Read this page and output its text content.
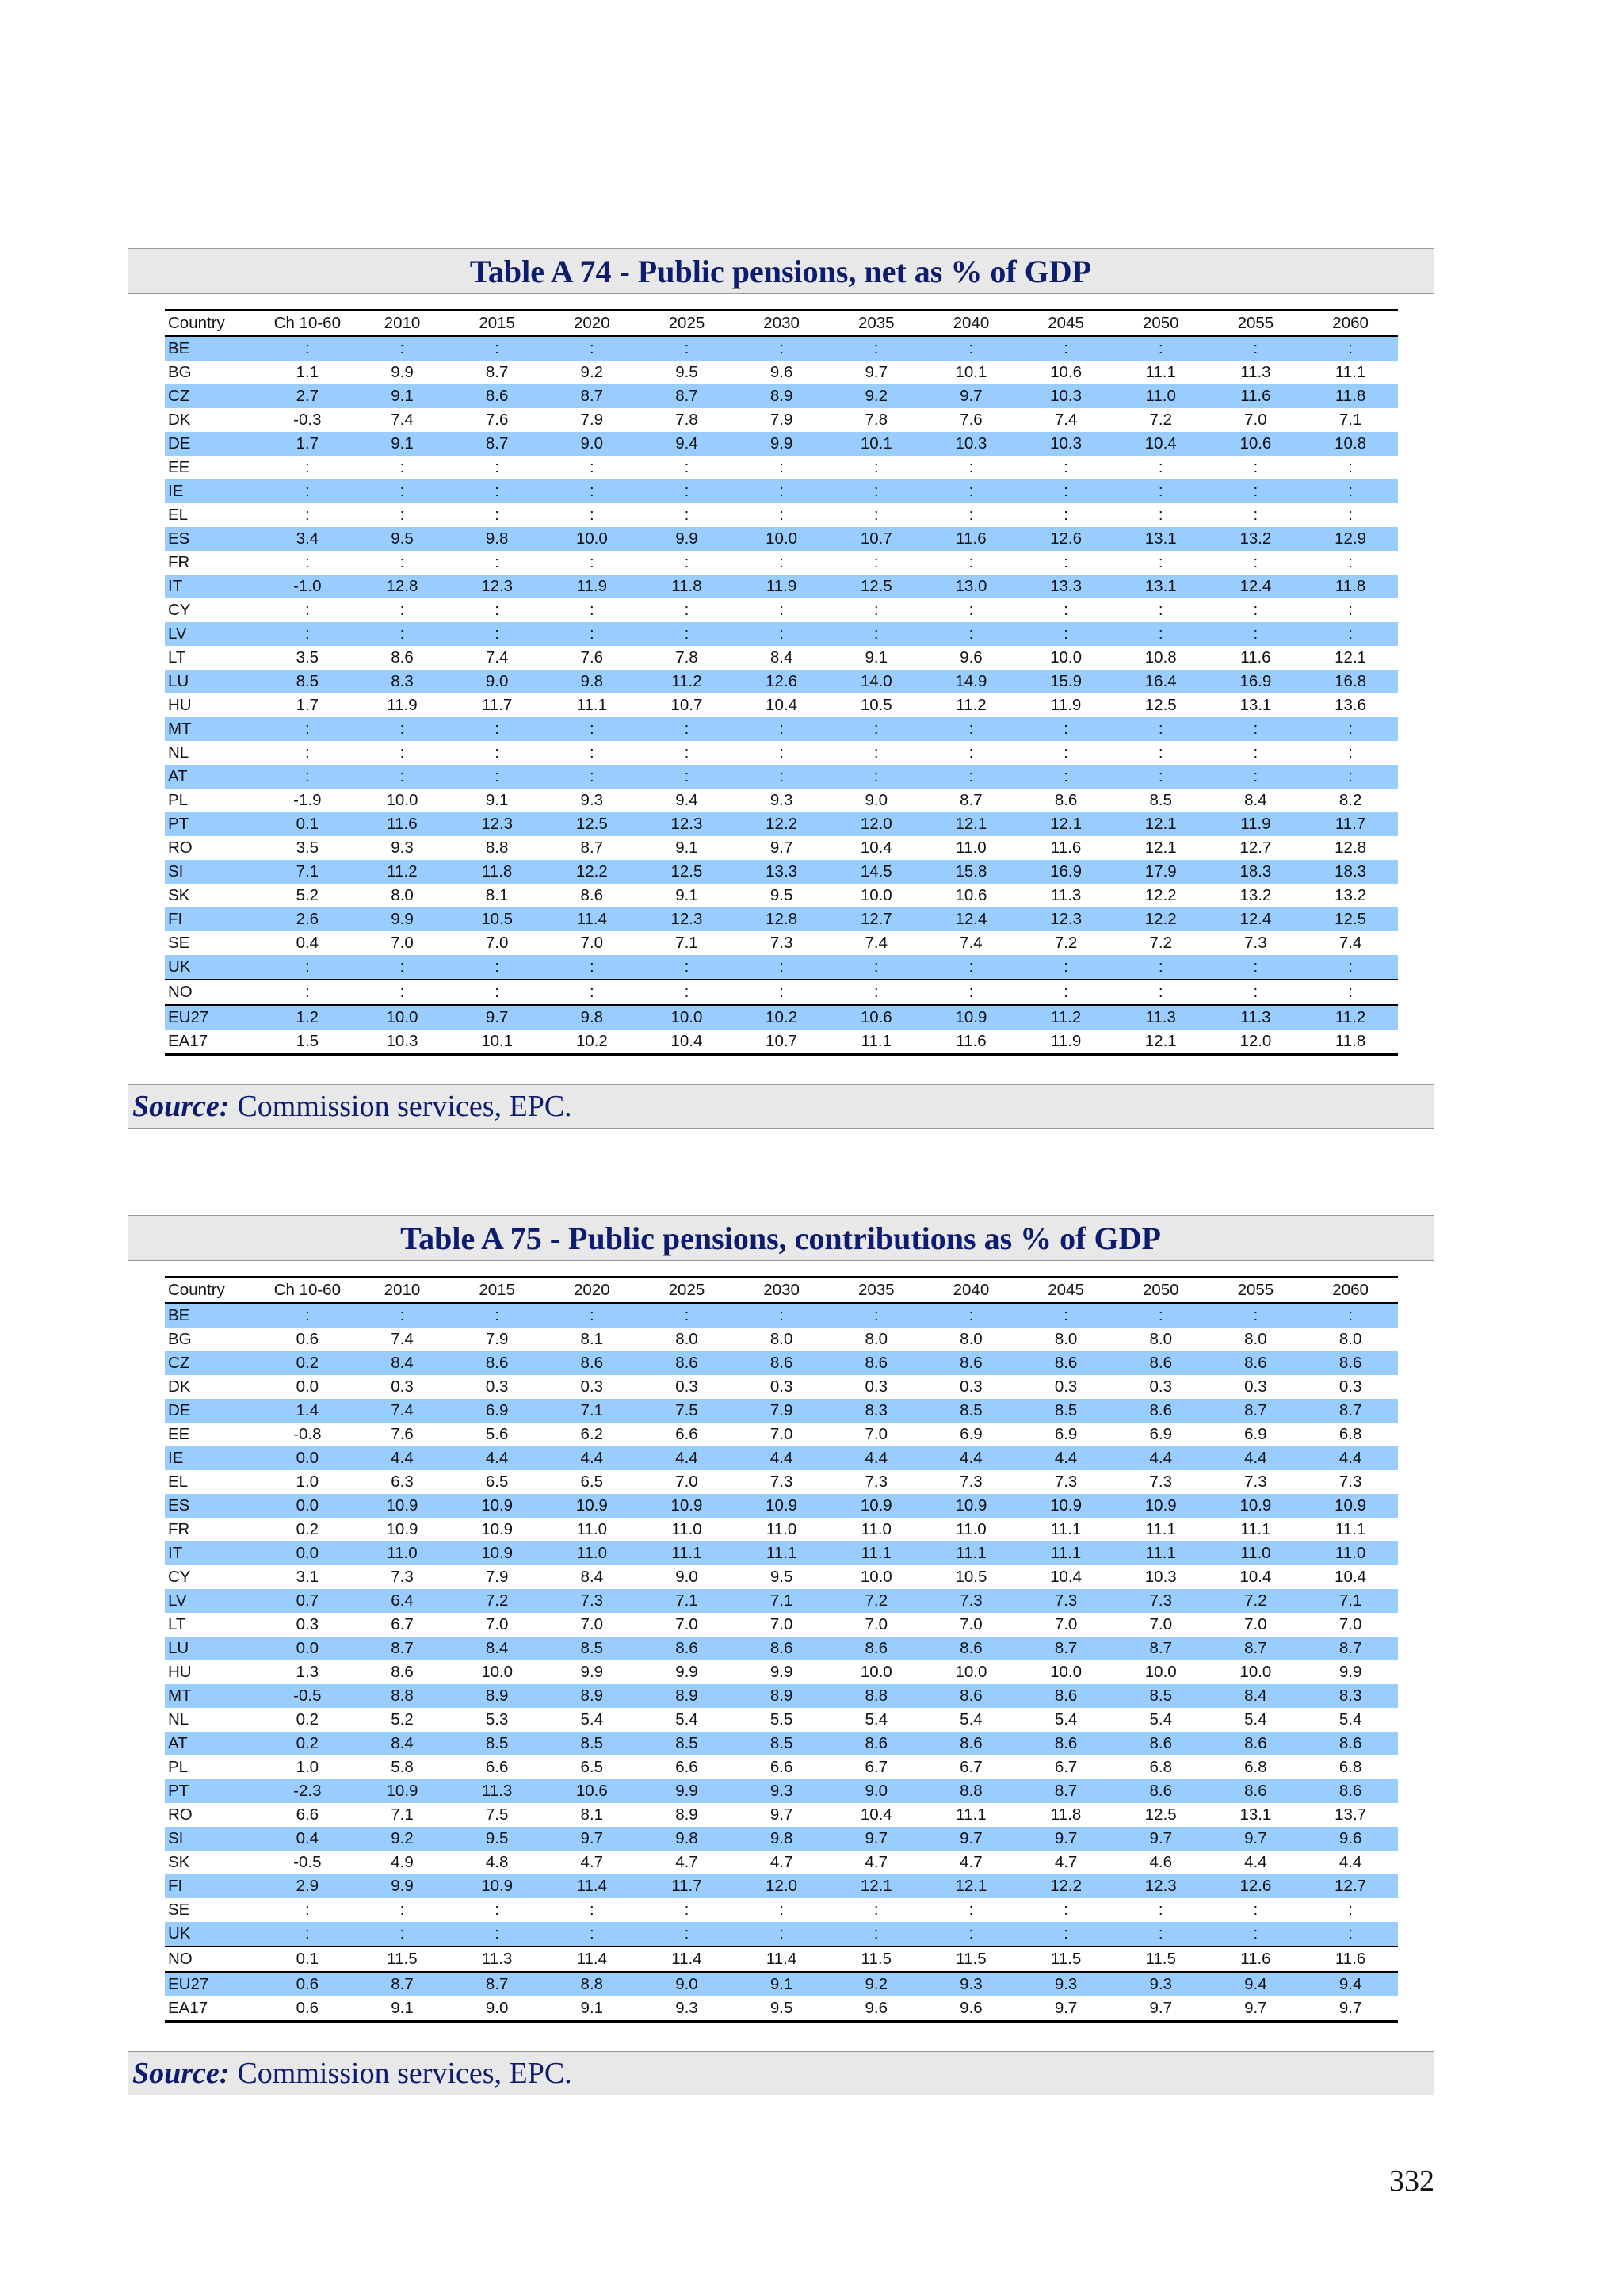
Table A 74 - Public pensions, net as % of GDP
Country	Ch 10-60	2010	2015	2020	2025	2030	2035	2040	2045	2050	2055	2060
BE	:	:	:	:	:	:	:	:	:	:	:	:
BG	1.1	9.9	8.7	9.2	9.5	9.6	9.7	10.1	10.6	11.1	11.3	11.1
CZ	2.7	9.1	8.6	8.7	8.7	8.9	9.2	9.7	10.3	11.0	11.6	11.8
DK	-0.3	7.4	7.6	7.9	7.8	7.9	7.8	7.6	7.4	7.2	7.0	7.1
DE	1.7	9.1	8.7	9.0	9.4	9.9	10.1	10.3	10.3	10.4	10.6	10.8
EE	:	:	:	:	:	:	:	:	:	:	:	:
IE	:	:	:	:	:	:	:	:	:	:	:	:
EL	:	:	:	:	:	:	:	:	:	:	:	:
ES	3.4	9.5	9.8	10.0	9.9	10.0	10.7	11.6	12.6	13.1	13.2	12.9
FR	:	:	:	:	:	:	:	:	:	:	:	:
IT	-1.0	12.8	12.3	11.9	11.8	11.9	12.5	13.0	13.3	13.1	12.4	11.8
CY	:	:	:	:	:	:	:	:	:	:	:	:
LV	:	:	:	:	:	:	:	:	:	:	:	:
LT	3.5	8.6	7.4	7.6	7.8	8.4	9.1	9.6	10.0	10.8	11.6	12.1
LU	8.5	8.3	9.0	9.8	11.2	12.6	14.0	14.9	15.9	16.4	16.9	16.8
HU	1.7	11.9	11.7	11.1	10.7	10.4	10.5	11.2	11.9	12.5	13.1	13.6
MT	:	:	:	:	:	:	:	:	:	:	:	:
NL	:	:	:	:	:	:	:	:	:	:	:	:
AT	:	:	:	:	:	:	:	:	:	:	:	:
PL	-1.9	10.0	9.1	9.3	9.4	9.3	9.0	8.7	8.6	8.5	8.4	8.2
PT	0.1	11.6	12.3	12.5	12.3	12.2	12.0	12.1	12.1	12.1	11.9	11.7
RO	3.5	9.3	8.8	8.7	9.1	9.7	10.4	11.0	11.6	12.1	12.7	12.8
SI	7.1	11.2	11.8	12.2	12.5	13.3	14.5	15.8	16.9	17.9	18.3	18.3
SK	5.2	8.0	8.1	8.6	9.1	9.5	10.0	10.6	11.3	12.2	13.2	13.2
FI	2.6	9.9	10.5	11.4	12.3	12.8	12.7	12.4	12.3	12.2	12.4	12.5
SE	0.4	7.0	7.0	7.0	7.1	7.3	7.4	7.4	7.2	7.2	7.3	7.4
UK	:	:	:	:	:	:	:	:	:	:	:	:
NO	:	:	:	:	:	:	:	:	:	:	:	:
EU27	1.2	10.0	9.7	9.8	10.0	10.2	10.6	10.9	11.2	11.3	11.3	11.2
EA17	1.5	10.3	10.1	10.2	10.4	10.7	11.1	11.6	11.9	12.1	12.0	11.8
Source: Commission services, EPC.
Table A 75 - Public pensions, contributions as % of GDP
Country	Ch 10-60	2010	2015	2020	2025	2030	2035	2040	2045	2050	2055	2060
BE	:	:	:	:	:	:	:	:	:	:	:	:
BG	0.6	7.4	7.9	8.1	8.0	8.0	8.0	8.0	8.0	8.0	8.0	8.0
CZ	0.2	8.4	8.6	8.6	8.6	8.6	8.6	8.6	8.6	8.6	8.6	8.6
DK	0.0	0.3	0.3	0.3	0.3	0.3	0.3	0.3	0.3	0.3	0.3	0.3
DE	1.4	7.4	6.9	7.1	7.5	7.9	8.3	8.5	8.5	8.6	8.7	8.7
EE	-0.8	7.6	5.6	6.2	6.6	7.0	7.0	6.9	6.9	6.9	6.9	6.8
IE	0.0	4.4	4.4	4.4	4.4	4.4	4.4	4.4	4.4	4.4	4.4	4.4
EL	1.0	6.3	6.5	6.5	7.0	7.3	7.3	7.3	7.3	7.3	7.3	7.3
ES	0.0	10.9	10.9	10.9	10.9	10.9	10.9	10.9	10.9	10.9	10.9	10.9
FR	0.2	10.9	10.9	11.0	11.0	11.0	11.0	11.0	11.1	11.1	11.1	11.1
IT	0.0	11.0	10.9	11.0	11.1	11.1	11.1	11.1	11.1	11.1	11.0	11.0
CY	3.1	7.3	7.9	8.4	9.0	9.5	10.0	10.5	10.4	10.3	10.4	10.4
LV	0.7	6.4	7.2	7.3	7.1	7.1	7.2	7.3	7.3	7.3	7.2	7.1
LT	0.3	6.7	7.0	7.0	7.0	7.0	7.0	7.0	7.0	7.0	7.0	7.0
LU	0.0	8.7	8.4	8.5	8.6	8.6	8.6	8.6	8.7	8.7	8.7	8.7
HU	1.3	8.6	10.0	9.9	9.9	9.9	10.0	10.0	10.0	10.0	10.0	9.9
MT	-0.5	8.8	8.9	8.9	8.9	8.9	8.8	8.6	8.6	8.5	8.4	8.3
NL	0.2	5.2	5.3	5.4	5.4	5.5	5.4	5.4	5.4	5.4	5.4	5.4
AT	0.2	8.4	8.5	8.5	8.5	8.5	8.6	8.6	8.6	8.6	8.6	8.6
PL	1.0	5.8	6.6	6.5	6.6	6.6	6.7	6.7	6.7	6.8	6.8	6.8
PT	-2.3	10.9	11.3	10.6	9.9	9.3	9.0	8.8	8.7	8.6	8.6	8.6
RO	6.6	7.1	7.5	8.1	8.9	9.7	10.4	11.1	11.8	12.5	13.1	13.7
SI	0.4	9.2	9.5	9.7	9.8	9.8	9.7	9.7	9.7	9.7	9.7	9.6
SK	-0.5	4.9	4.8	4.7	4.7	4.7	4.7	4.7	4.7	4.6	4.4	4.4
FI	2.9	9.9	10.9	11.4	11.7	12.0	12.1	12.1	12.2	12.3	12.6	12.7
SE	:	:	:	:	:	:	:	:	:	:	:	:
UK	:	:	:	:	:	:	:	:	:	:	:	:
NO	0.1	11.5	11.3	11.4	11.4	11.4	11.5	11.5	11.5	11.5	11.6	11.6
EU27	0.6	8.7	8.7	8.8	9.0	9.1	9.2	9.3	9.3	9.3	9.4	9.4
EA17	0.6	9.1	9.0	9.1	9.3	9.5	9.6	9.6	9.7	9.7	9.7	9.7
Source: Commission services, EPC.
332
